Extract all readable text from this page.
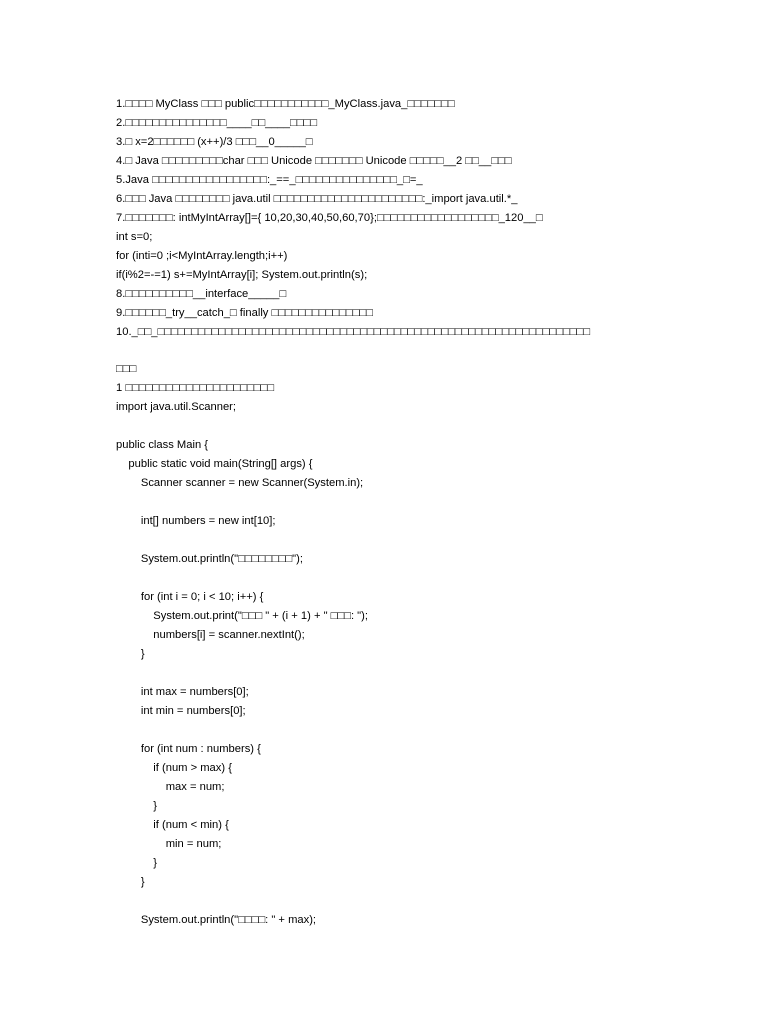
1.□□□□ MyClass □□□ public□□□□□□□□□□□_MyClass.java_□□□□□□□
2.□□□□□□□□□□□□□□□____□□____□□□□
3.□ x=2□□□□□□ (x++)/3 □□□__0_____□
4.□ Java □□□□□□□□□char □□□ Unicode □□□□□□□ Unicode □□□□□__2 □□__□□□
5.Java □□□□□□□□□□□□□□□□□:_==_□□□□□□□□□□□□□□□_□=_
6.□□□ Java □□□□□□□□ java.util □□□□□□□□□□□□□□□□□□□□□□:_import java.util.*_
7.□□□□□□□: intMyIntArray[]={ 10,20,30,40,50,60,70};□□□□□□□□□□□□□□□□□□_120__□
int s=0;
for (inti=0 ;i<MyIntArray.length;i++)
if(i%2=-=1) s+=MyIntArray[i]; System.out.println(s);
8.□□□□□□□□□□__interface_____□
9.□□□□□□_try__catch_□ finally □□□□□□□□□□□□□□□
10._□□_□□□□□□□□□□□□□□□□□□□□□□□□□□□□□□□□□□□□□□□□□□□□□□□□□□□□□□□□□□□□□□□□
□□□
1 □□□□□□□□□□□□□□□□□□□□□□
import java.util.Scanner;
public class Main {
public static void main(String[] args) {
Scanner scanner = new Scanner(System.in);
int[] numbers = new int[10];
System.out.println("□□□□□□□□");
for (int i = 0; i < 10; i++) {
System.out.print("□□□ " + (i + 1) + " □□□: ");
numbers[i] = scanner.nextInt();
}
int max = numbers[0];
int min = numbers[0];
for (int num : numbers) {
if (num > max) {
max = num;
}
if (num < min) {
min = num;
}
}
System.out.println("□□□□: " + max);
